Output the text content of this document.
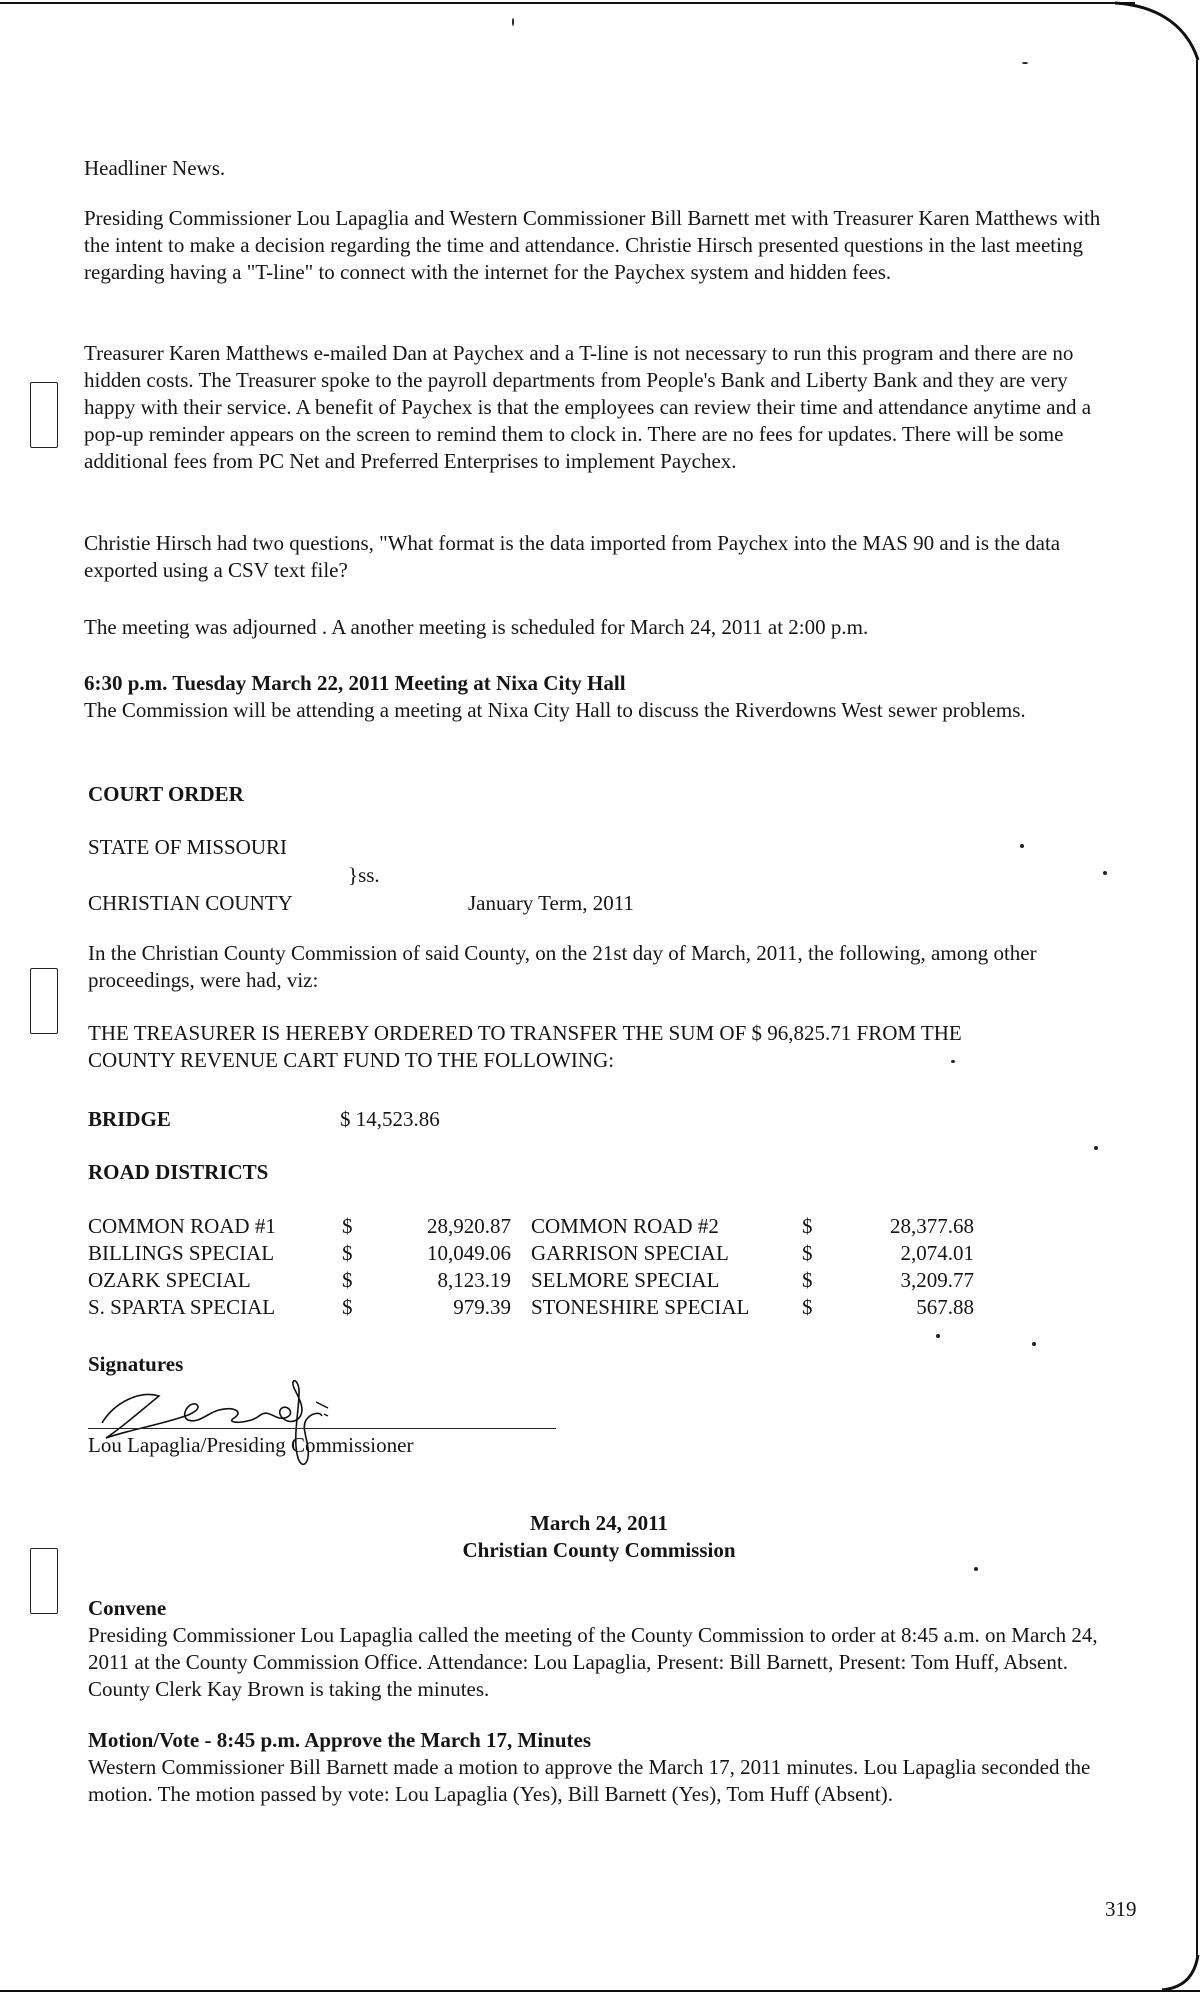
Headliner News.

Presiding Commissioner Lou Lapaglia and Western Commissioner Bill Barnett met with Treasurer Karen Matthews with the intent to make a decision regarding the time and attendance. Christie Hirsch presented questions in the last meeting regarding having a "T-line" to connect with the internet for the Paychex system and hidden fees.

Treasurer Karen Matthews e-mailed Dan at Paychex and a T-line is not necessary to run this program and there are no hidden costs. The Treasurer spoke to the payroll departments from People's Bank and Liberty Bank and they are very happy with their service. A benefit of Paychex is that the employees can review their time and attendance anytime and a pop-up reminder appears on the screen to remind them to clock in. There are no fees for updates. There will be some additional fees from PC Net and Preferred Enterprises to implement Paychex.

Christie Hirsch had two questions, "What format is the data imported from Paychex into the MAS 90 and is the data exported using a CSV text file?

The meeting was adjourned . A another meeting is scheduled for March 24, 2011 at 2:00 p.m.

6:30 p.m. Tuesday March 22, 2011 Meeting at Nixa City Hall

The Commission will be attending a meeting at Nixa City Hall to discuss the Riverdowns West sewer problems.

COURT ORDER

STATE OF MISSOURI

}ss.

CHRISTIAN COUNTY	January Term, 2011

In the Christian County Commission of said County, on the 21st day of March, 2011, the following, among other proceedings, were had, viz:

THE TREASURER IS HEREBY ORDERED TO TRANSFER THE SUM OF $ 96,825.71 FROM THE

COUNTY REVENUE CART FUND TO THE FOLLOWING:

BRIDGE	$ 14,523.86

ROAD DISTRICTS

COMMON ROAD #1	$	28,920.87 COMMON ROAD #2	$	28,377.68
BILLINGS SPECIAL	$	10,049.06 GARRISON SPECIAL	$	2,074.01
OZARK SPECIAL	$	8,123.19 SELMORE SPECIAL	$	3,209.77
S. SPARTA SPECIAL	$	979.39 STONESHIRE SPECIAL	$	567.88

Signatures

Lou Lapaglia/Presiding Commissioner

March 24, 2011

Christian County Commission

Convene

Presiding Commissioner Lou Lapaglia called the meeting of the County Commission to order at 8:45 a.m. on March 24, 2011 at the County Commission Office. Attendance: Lou Lapaglia, Present: Bill Barnett, Present: Tom Huff, Absent. County Clerk Kay Brown is taking the minutes.

Motion/Vote - 8:45 p.m. Approve the March 17, Minutes

Western Commissioner Bill Barnett made a motion to approve the March 17, 2011 minutes. Lou Lapaglia seconded the motion. The motion passed by vote: Lou Lapaglia (Yes), Bill Barnett (Yes), Tom Huff (Absent).

319
